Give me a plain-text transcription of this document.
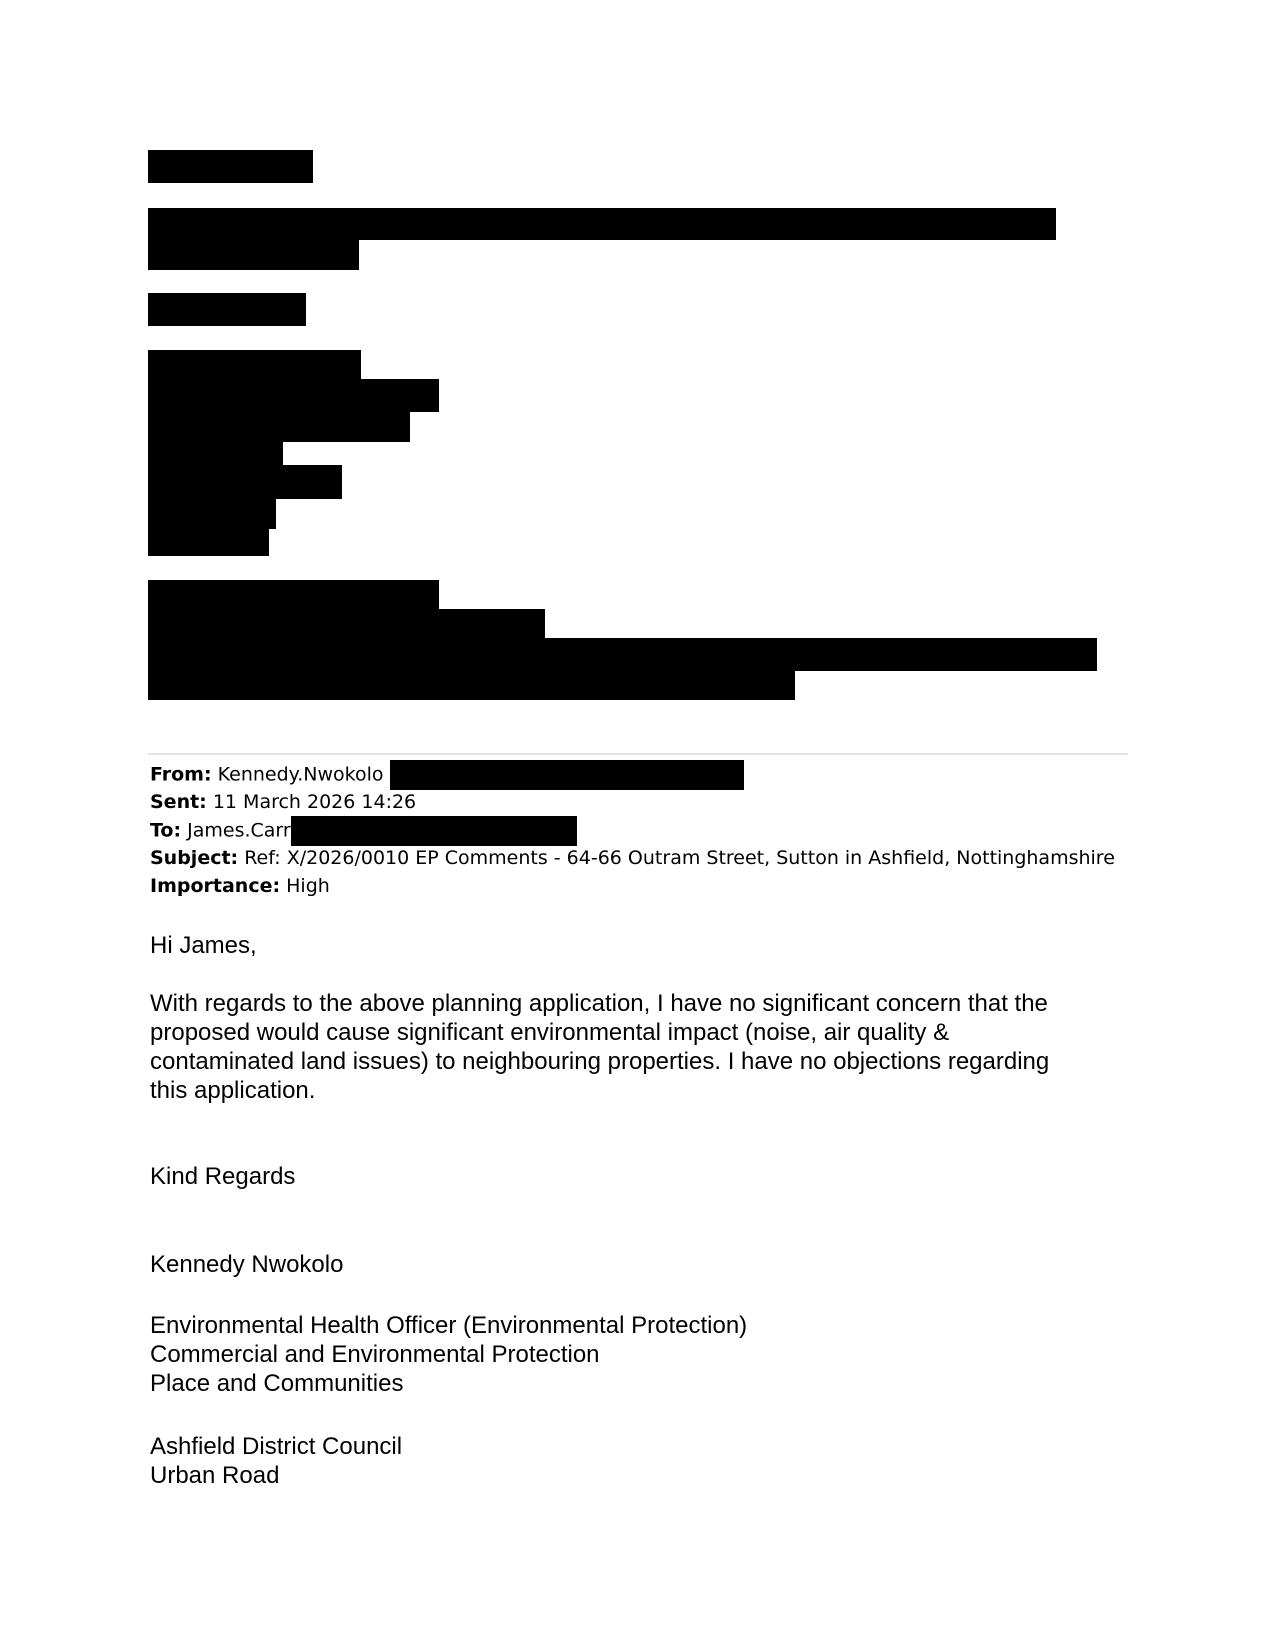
From: Kennedy.Nwokolo
Sent: 11 March 2026 14:26
To: James.Carr
Subject: Ref: X/2026/0010 EP Comments - 64-66 Outram Street, Sutton in Ashfield, Nottinghamshire
Importance: High
Hi James,
With regards to the above planning application, I have no significant concern that the
proposed would cause significant environmental impact (noise, air quality &
contaminated land issues) to neighbouring properties. I have no objections regarding
this application.
Kind Regards
Kennedy Nwokolo
Environmental Health Officer (Environmental Protection)
Commercial and Environmental Protection
Place and Communities
Ashfield District Council
Urban Road
